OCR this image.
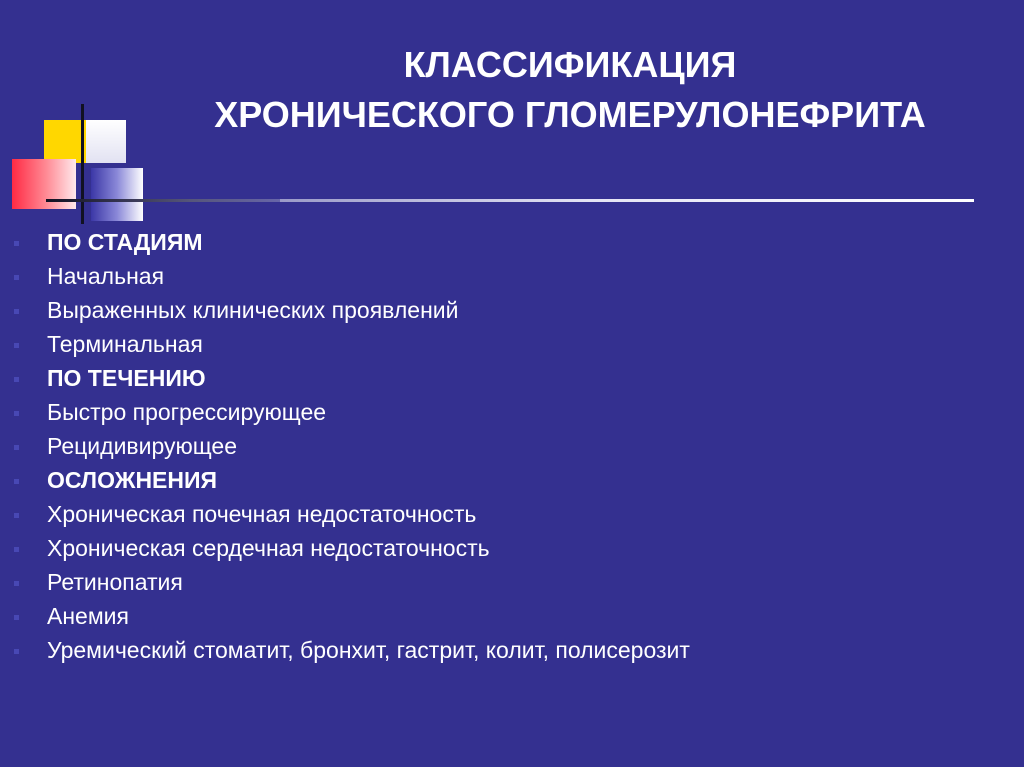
КЛАССИФИКАЦИЯ
ХРОНИЧЕСКОГО ГЛОМЕРУЛОНЕФРИТА
ПО СТАДИЯМ
Начальная
Выраженных клинических проявлений
Терминальная
ПО ТЕЧЕНИЮ
Быстро прогрессирующее
Рецидивирующее
ОСЛОЖНЕНИЯ
Хроническая почечная недостаточность
Хроническая сердечная недостаточность
Ретинопатия
Анемия
Уремический стоматит, бронхит, гастрит, колит, полисерозит
